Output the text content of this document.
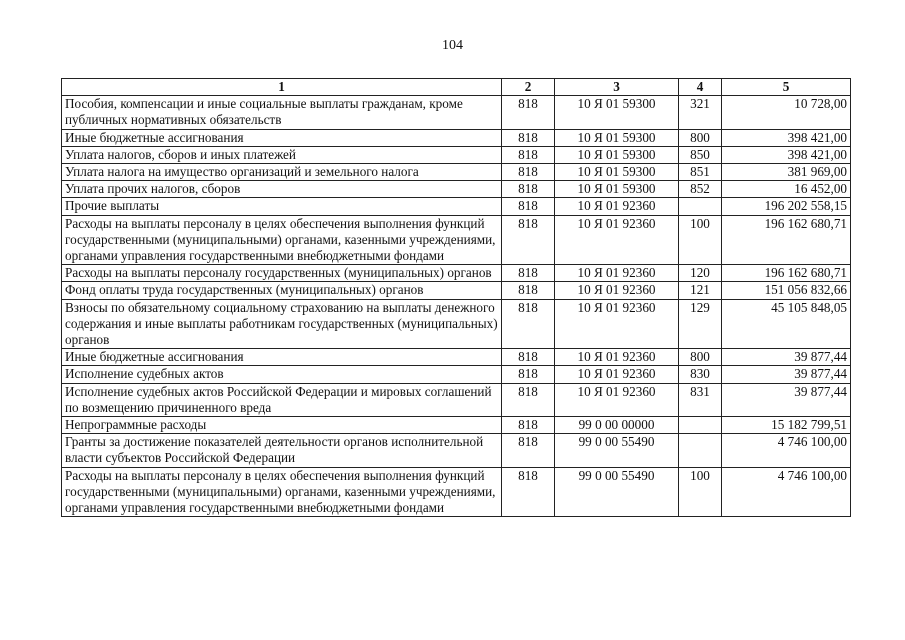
104
1	2	3	4	5
Пособия, компенсации и иные социальные выплаты гражданам, кроме публичных нормативных обязательств	818	10 Я 01 59300	321	10 728,00
Иные бюджетные ассигнования	818	10 Я 01 59300	800	398 421,00
Уплата налогов, сборов и иных платежей	818	10 Я 01 59300	850	398 421,00
Уплата налога на имущество организаций и земельного налога	818	10 Я 01 59300	851	381 969,00
Уплата прочих налогов, сборов	818	10 Я 01 59300	852	16 452,00
Прочие выплаты	818	10 Я 01 92360		196 202 558,15
Расходы на выплаты персоналу в целях обеспечения выполнения функций государственными (муниципальными) органами, казенными учреждениями, органами управления государственными внебюджетными фондами	818	10 Я 01 92360	100	196 162 680,71
Расходы на выплаты персоналу государственных (муниципальных) органов	818	10 Я 01 92360	120	196 162 680,71
Фонд оплаты труда государственных (муниципальных) органов	818	10 Я 01 92360	121	151 056 832,66
Взносы по обязательному социальному страхованию на выплаты денежного содержания и иные выплаты работникам государственных (муниципальных) органов	818	10 Я 01 92360	129	45 105 848,05
Иные бюджетные ассигнования	818	10 Я 01 92360	800	39 877,44
Исполнение судебных актов	818	10 Я 01 92360	830	39 877,44
Исполнение судебных актов Российской Федерации и мировых соглашений по возмещению причиненного вреда	818	10 Я 01 92360	831	39 877,44
Непрограммные расходы	818	99 0 00 00000		15 182 799,51
Гранты за достижение показателей деятельности органов исполнительной власти субъектов Российской Федерации	818	99 0 00 55490		4 746 100,00
Расходы на выплаты персоналу в целях обеспечения выполнения функций государственными (муниципальными) органами, казенными учреждениями, органами управления государственными внебюджетными фондами	818	99 0 00 55490	100	4 746 100,00
